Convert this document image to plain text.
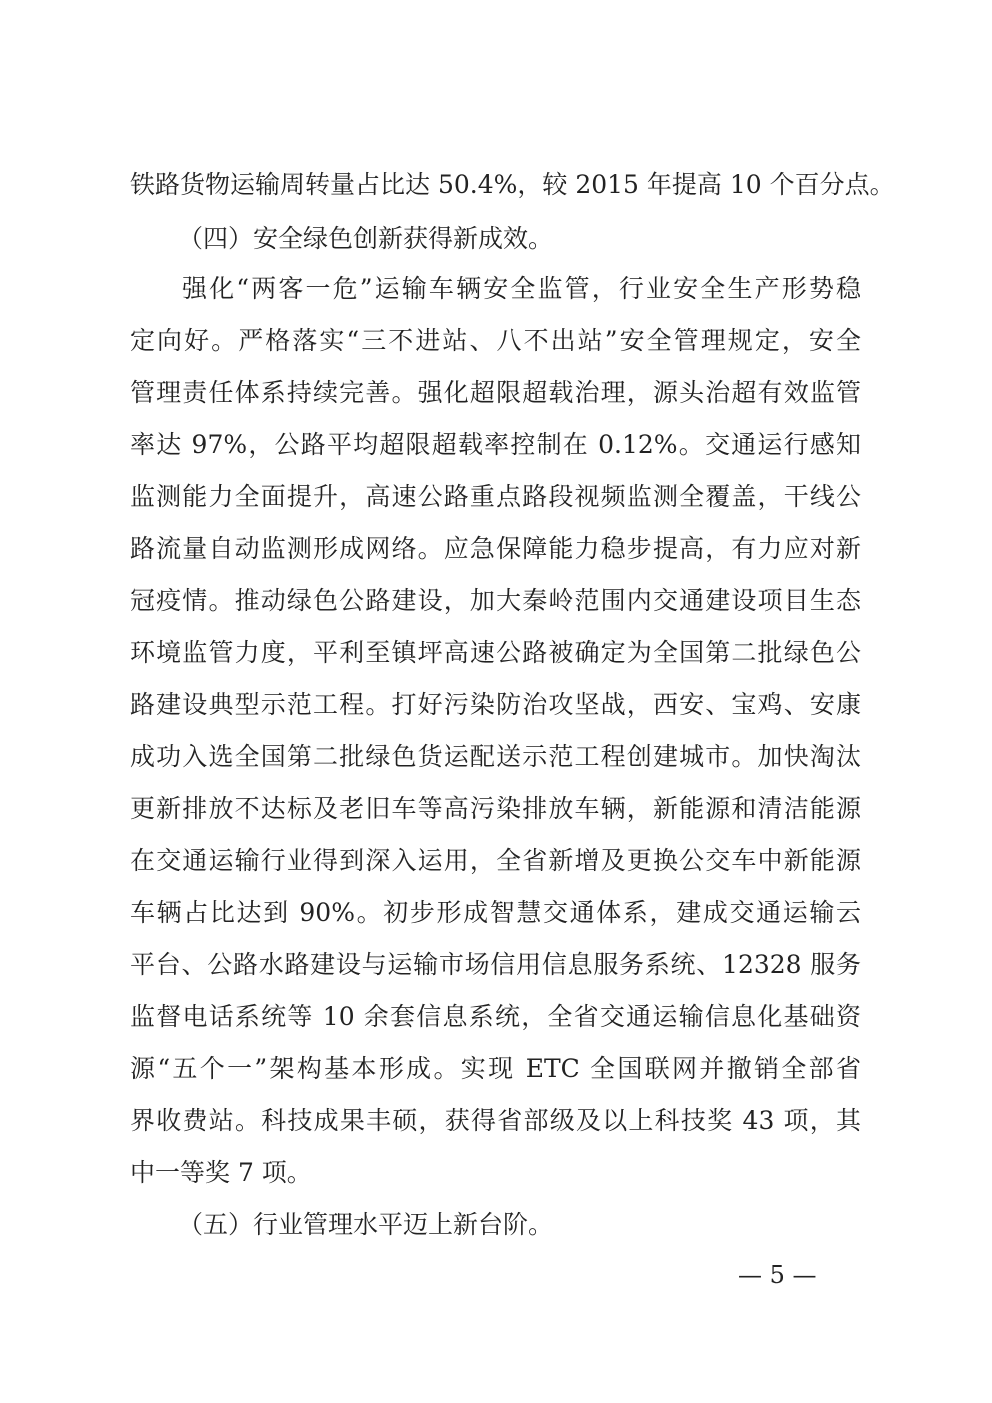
铁路货物运输周转量占比达 50.4%，较 2015 年提高 10 个百分点。
（四）安全绿色创新获得新成效。
强化“两客一危”运输车辆安全监管，行业安全生产形势稳
定向好。严格落实“三不进站、八不出站”安全管理规定，安全
管理责任体系持续完善。强化超限超载治理，源头治超有效监管
率达 97%，公路平均超限超载率控制在 0.12%。交通运行感知
监测能力全面提升，高速公路重点路段视频监测全覆盖，干线公
路流量自动监测形成网络。应急保障能力稳步提高，有力应对新
冠疫情。推动绿色公路建设，加大秦岭范围内交通建设项目生态
环境监管力度，平利至镇坪高速公路被确定为全国第二批绿色公
路建设典型示范工程。打好污染防治攻坚战，西安、宝鸡、安康
成功入选全国第二批绿色货运配送示范工程创建城市。加快淘汰
更新排放不达标及老旧车等高污染排放车辆，新能源和清洁能源
在交通运输行业得到深入运用，全省新增及更换公交车中新能源
车辆占比达到 90%。初步形成智慧交通体系，建成交通运输云
平台、公路水路建设与运输市场信用信息服务系统、12328 服务
监督电话系统等 10 余套信息系统，全省交通运输信息化基础资
源“五个一”架构基本形成。实现 ETC 全国联网并撤销全部省
界收费站。科技成果丰硕，获得省部级及以上科技奖 43 项，其
中一等奖 7 项。
（五）行业管理水平迈上新台阶。
— 5 —
